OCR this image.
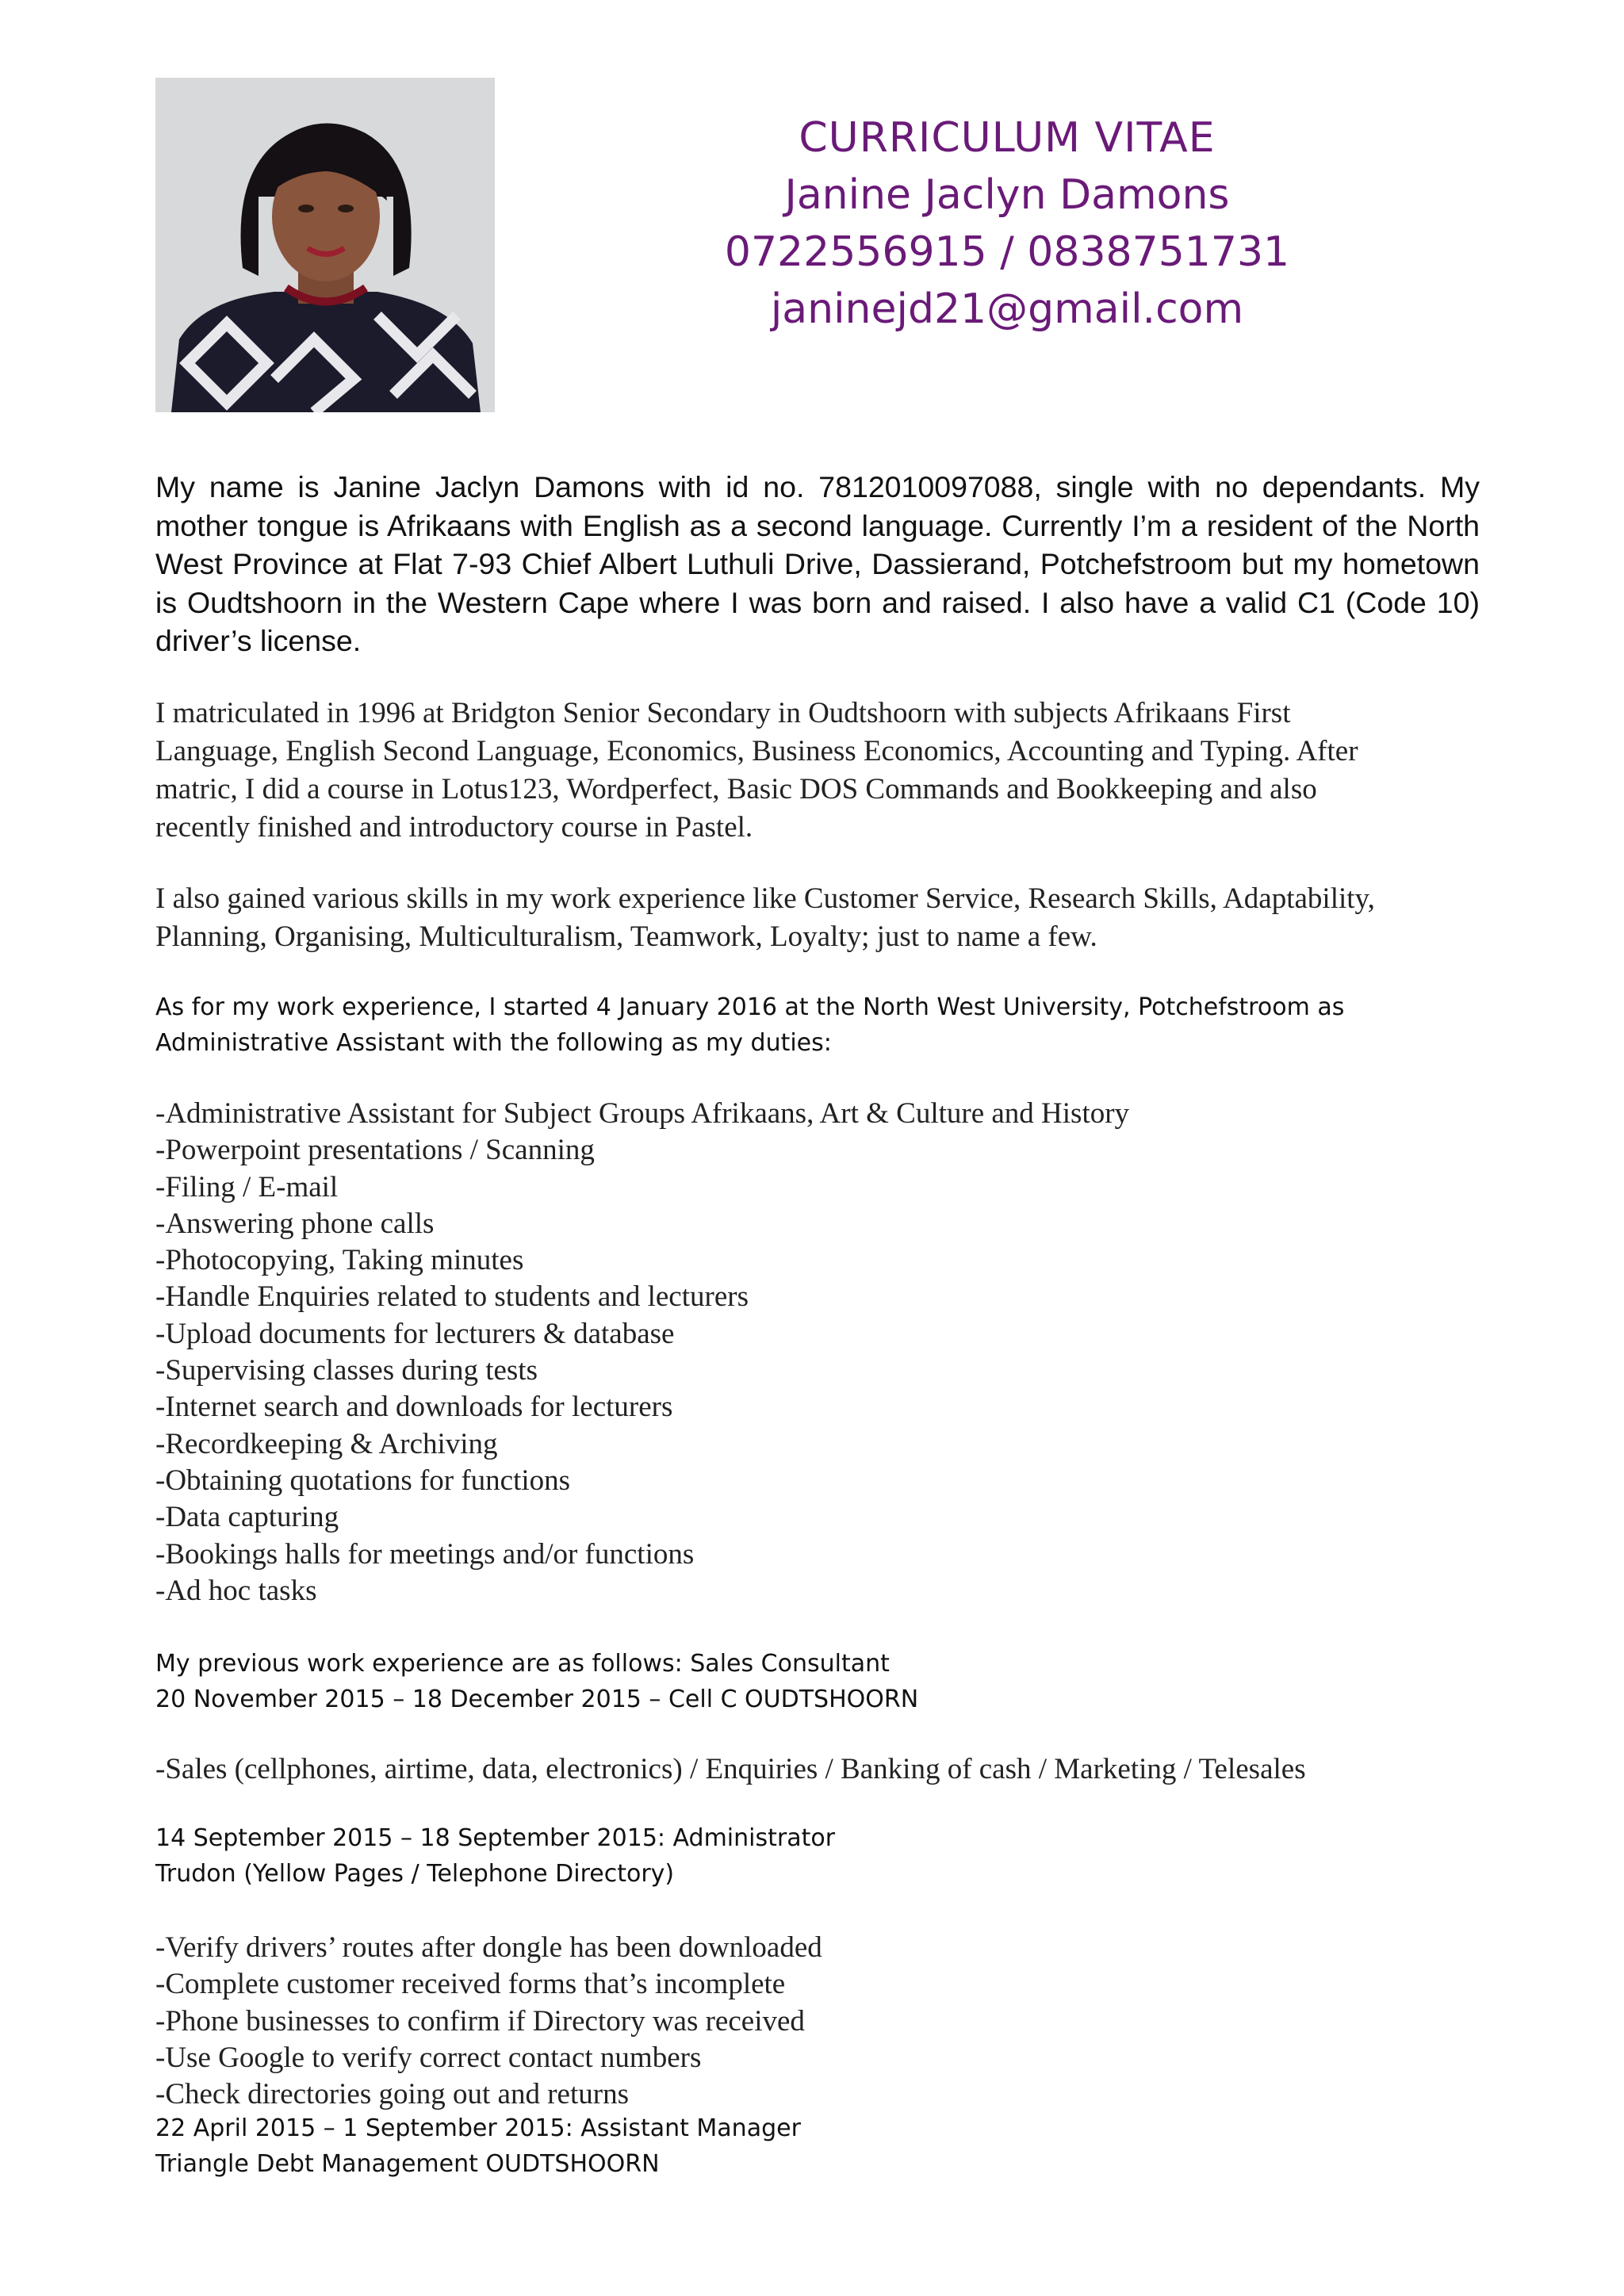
CURRICULUM VITAE
Janine Jaclyn Damons
0722556915 / 0838751731
janinejd21@gmail.com
My name is Janine Jaclyn Damons with id no. 7812010097088, single with no dependants. My mother tongue is Afrikaans with English as a second language. Currently I’m a resident of the North West Province at Flat 7-93 Chief Albert Luthuli Drive, Dassierand, Potchefstroom but my hometown is Oudtshoorn in the Western Cape where I was born and raised. I also have a valid C1 (Code 10) driver’s license.
I matriculated in 1996 at Bridgton Senior Secondary in Oudtshoorn with subjects Afrikaans First
Language, English Second Language, Economics, Business Economics, Accounting and Typing. After
matric, I did a course in Lotus123, Wordperfect, Basic DOS Commands and Bookkeeping and also
recently finished and introductory course in Pastel.
I also gained various skills in my work experience like Customer Service, Research Skills, Adaptability,
Planning, Organising, Multiculturalism, Teamwork, Loyalty; just to name a few.
As for my work experience, I started 4 January 2016 at the North West University, Potchefstroom as
Administrative Assistant with the following as my duties:
-Administrative Assistant for Subject Groups Afrikaans, Art & Culture and History
-Powerpoint presentations / Scanning
-Filing / E-mail
-Answering phone calls
-Photocopying, Taking minutes
-Handle Enquiries related to students and lecturers
-Upload documents for lecturers & database
-Supervising classes during tests
-Internet search and downloads for lecturers
-Recordkeeping & Archiving
-Obtaining quotations for functions
-Data capturing
-Bookings halls for meetings and/or functions
-Ad hoc tasks
My previous work experience are as follows: Sales Consultant
20 November 2015 – 18 December 2015 – Cell C OUDTSHOORN
-Sales (cellphones, airtime, data, electronics) / Enquiries / Banking of cash / Marketing / Telesales
14 September 2015 – 18 September 2015: Administrator
Trudon (Yellow Pages / Telephone Directory)
-Verify drivers’ routes after dongle has been downloaded
-Complete customer received forms that’s incomplete
-Phone businesses to confirm if Directory was received
-Use Google to verify correct contact numbers
-Check directories going out and returns
22 April 2015 – 1 September 2015: Assistant Manager
Triangle Debt Management OUDTSHOORN
